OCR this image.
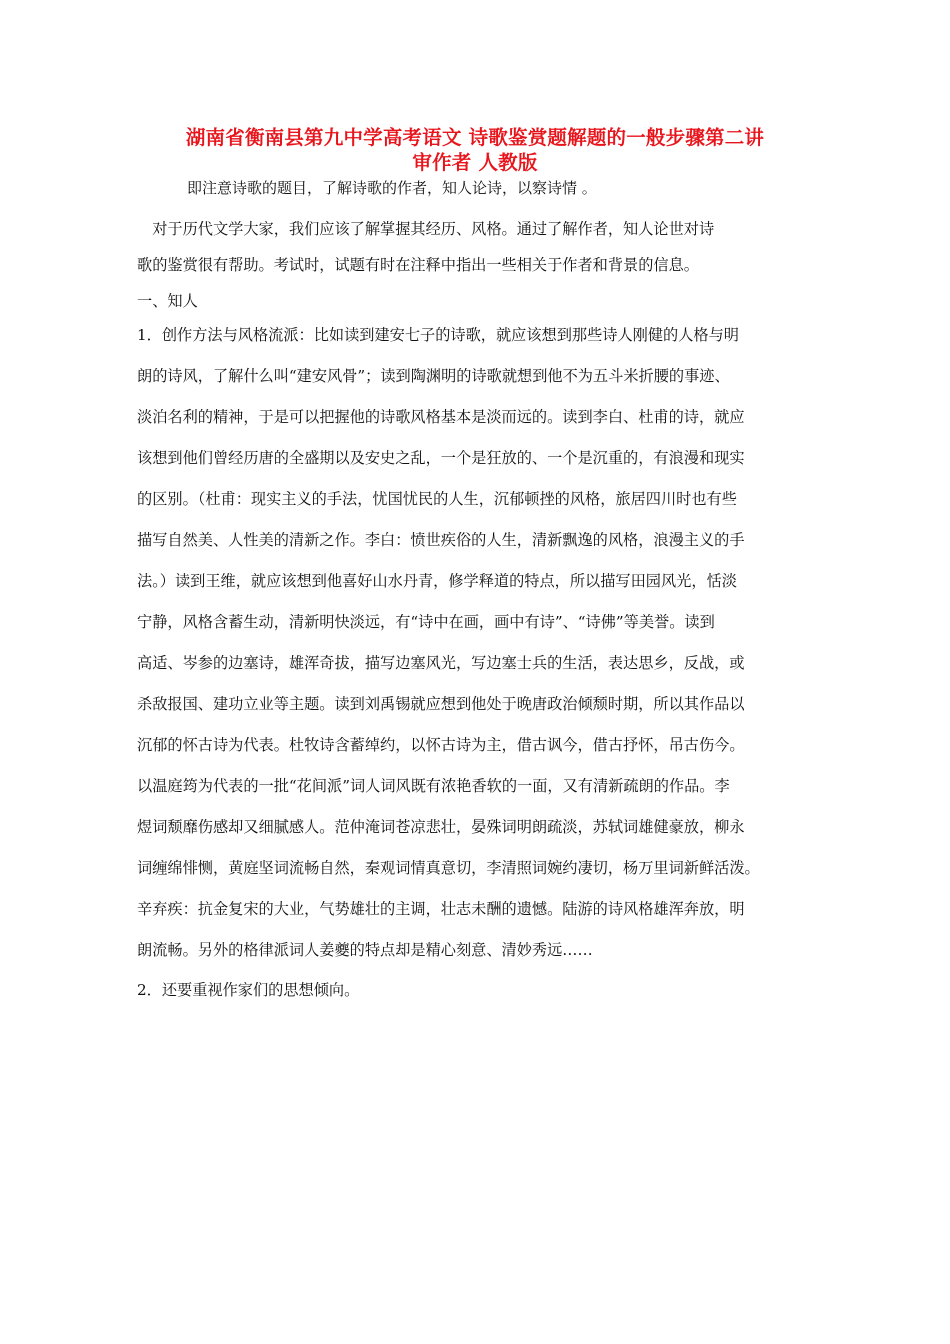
湖南省衡南县第九中学高考语文 诗歌鉴赏题解题的一般步骤第二讲
审作者 人教版
即注意诗歌的题目，了解诗歌的作者，知人论诗，以察诗情 。
　对于历代文学大家，我们应该了解掌握其经历、风格。通过了解作者，知人论世对诗
歌的鉴赏很有帮助。考试时，试题有时在注释中指出一些相关于作者和背景的信息。
一、知人
1．创作方法与风格流派：比如读到建安七子的诗歌，就应该想到那些诗人刚健的人格与明
朗的诗风，了解什么叫“建安风骨”；读到陶渊明的诗歌就想到他不为五斗米折腰的事迹、
淡泊名利的精神，于是可以把握他的诗歌风格基本是淡而远的。读到李白、杜甫的诗，就应
该想到他们曾经历唐的全盛期以及安史之乱，一个是狂放的、一个是沉重的，有浪漫和现实
的区别。（杜甫：现实主义的手法，忧国忧民的人生，沉郁顿挫的风格，旅居四川时也有些
描写自然美、人性美的清新之作。李白：愤世疾俗的人生，清新飘逸的风格，浪漫主义的手
法。）读到王维，就应该想到他喜好山水丹青，修学释道的特点，所以描写田园风光，恬淡
宁静，风格含蓄生动，清新明快淡远，有“诗中在画，画中有诗”、“诗佛”等美誉。读到
高适、岑参的边塞诗，雄浑奇拔，描写边塞风光，写边塞士兵的生活，表达思乡，反战，或
杀敌报国、建功立业等主题。读到刘禹锡就应想到他处于晚唐政治倾颓时期，所以其作品以
沉郁的怀古诗为代表。杜牧诗含蓄绰约，以怀古诗为主，借古讽今，借古抒怀，吊古伤今。
以温庭筠为代表的一批“花间派”词人词风既有浓艳香软的一面，又有清新疏朗的作品。李
煜词颓靡伤感却又细腻感人。范仲淹词苍凉悲壮，晏殊词明朗疏淡，苏轼词雄健豪放，柳永
词缠绵悱恻，黄庭坚词流畅自然，秦观词情真意切，李清照词婉约凄切，杨万里词新鲜活泼。
辛弃疾：抗金复宋的大业，气势雄壮的主调，壮志未酬的遗憾。陆游的诗风格雄浑奔放，明
朗流畅。另外的格律派词人姜夔的特点却是精心刻意、清妙秀远……
2．还要重视作家们的思想倾向。
